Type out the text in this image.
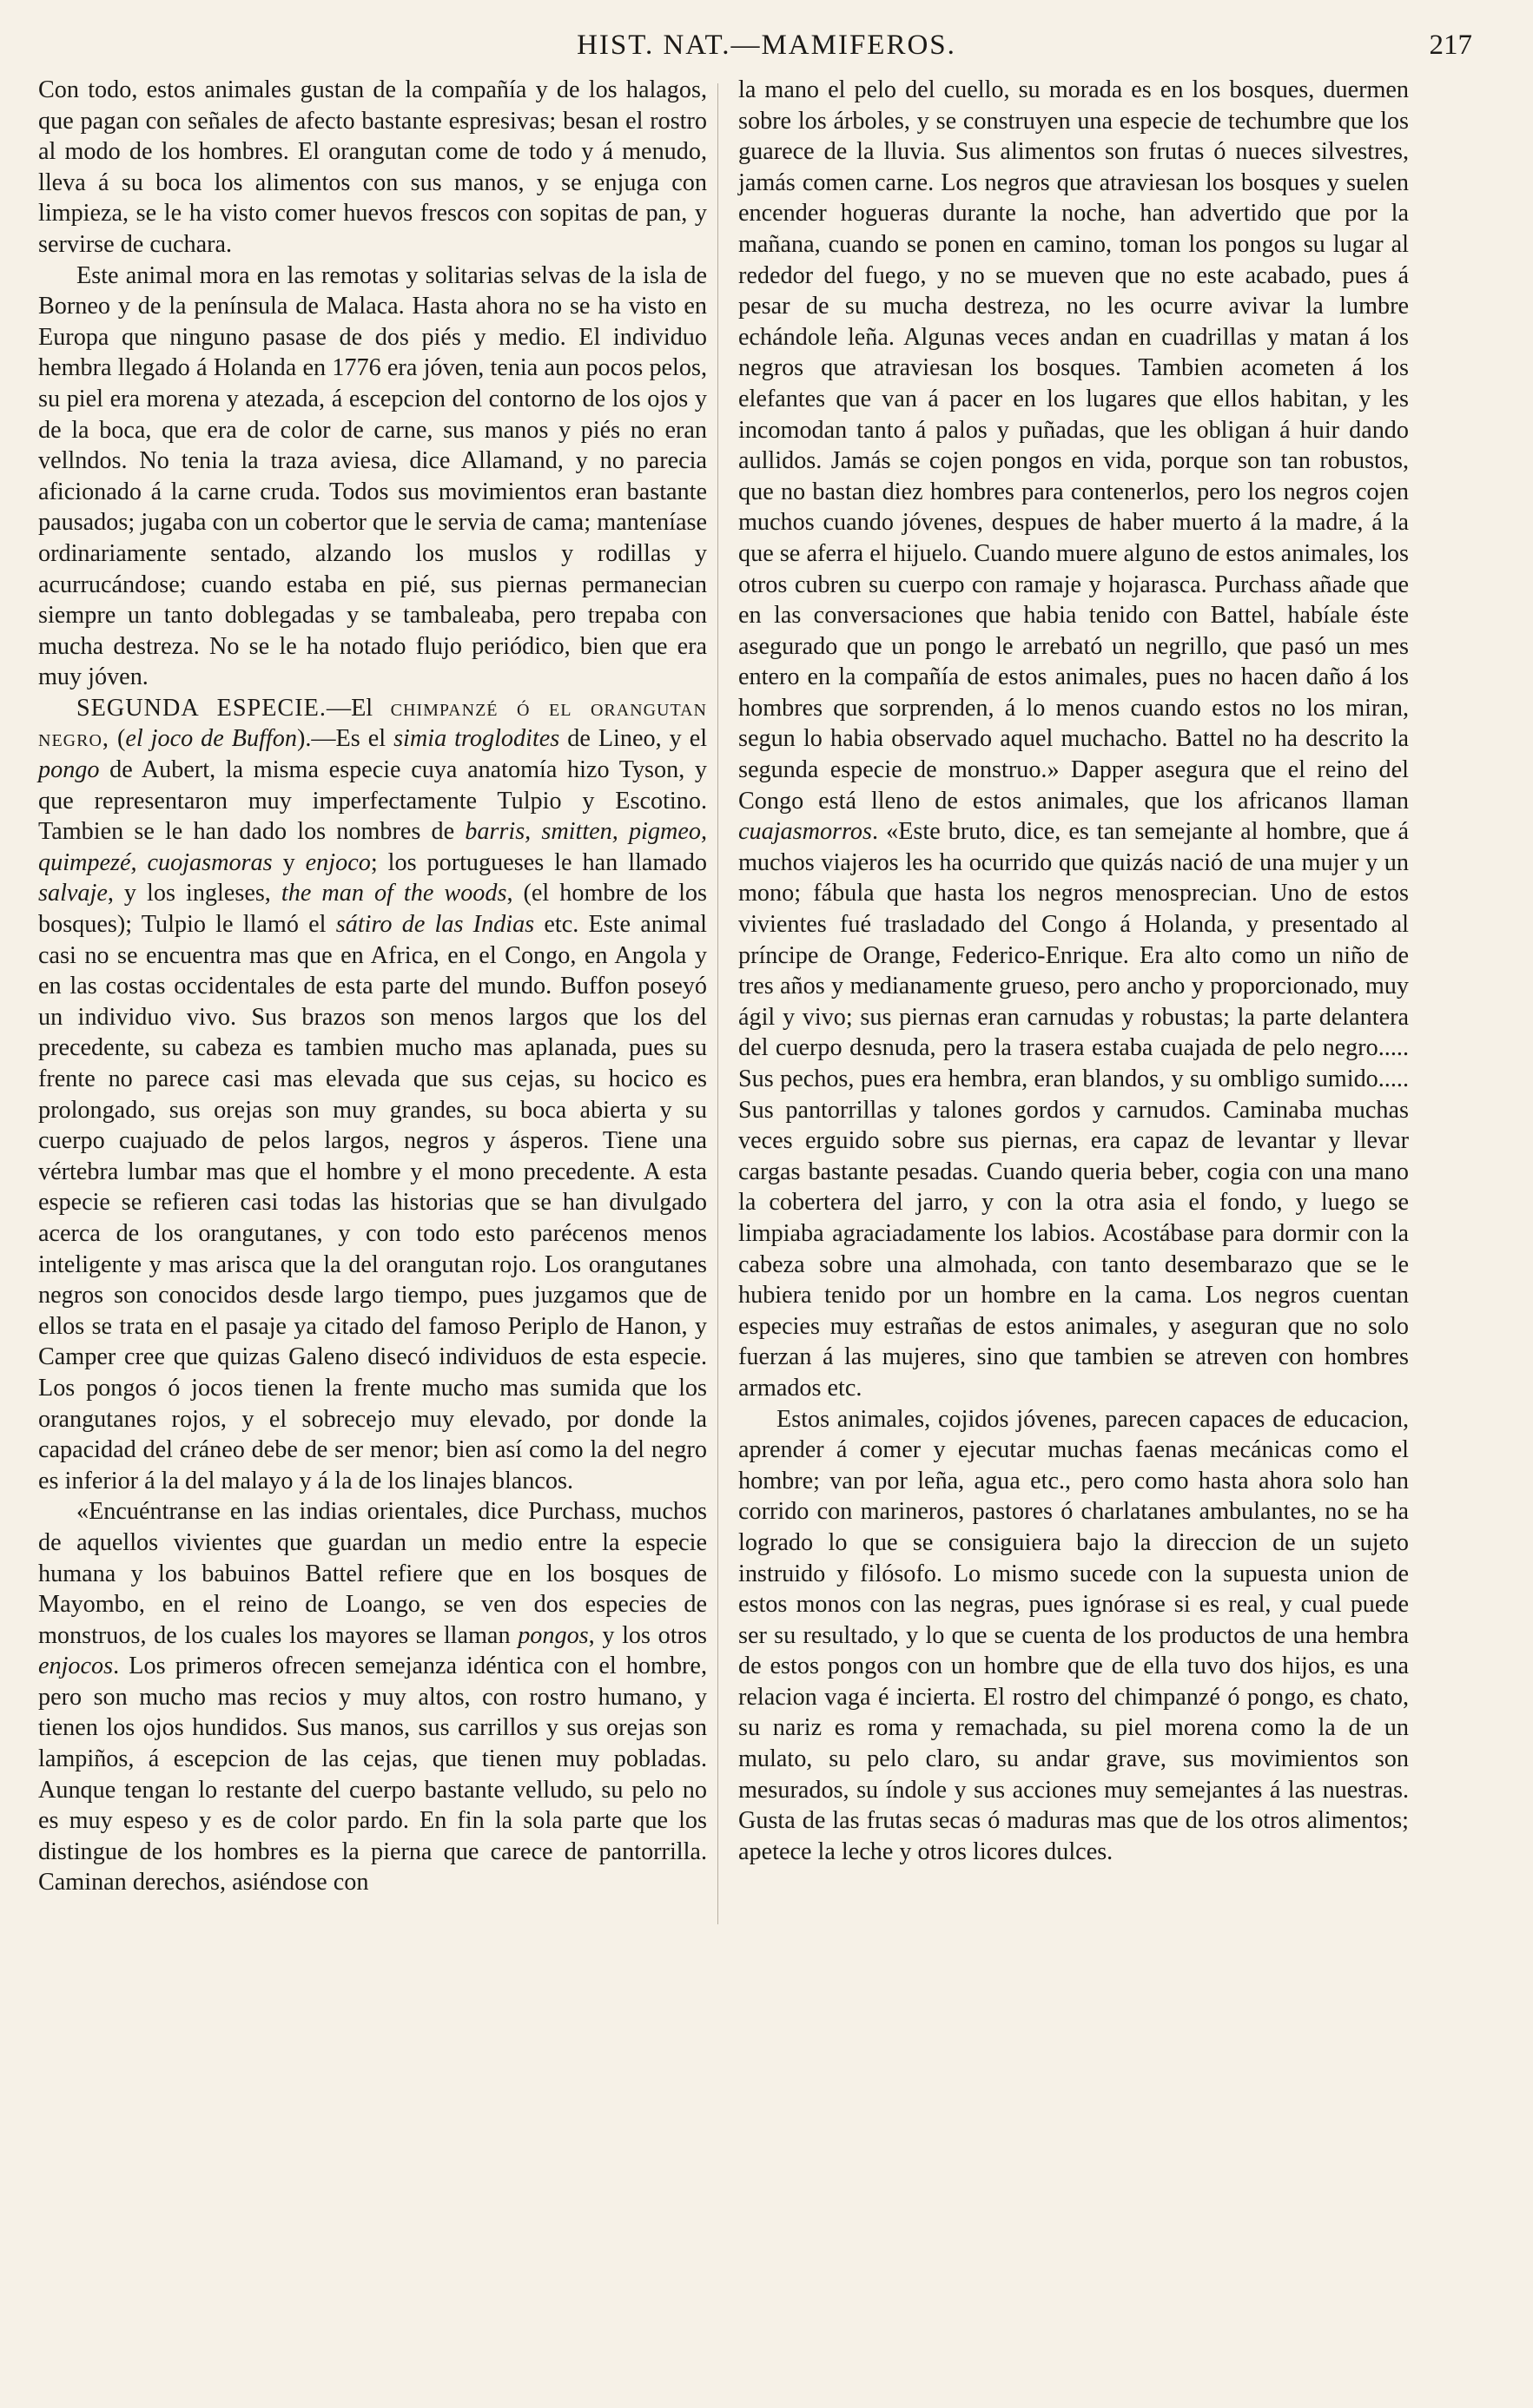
HIST. NAT.—MAMIFEROS.	217

Con todo, estos animales gustan de la compañía y de los halagos, que pagan con señales de afecto bastante espresivas; besan el rostro al modo de los hombres. El orangutan come de todo y á menudo, lleva á su boca los alimentos con sus manos, y se enjuga con limpieza, se le ha visto comer huevos frescos con sopitas de pan, y servirse de cuchara.

Este animal mora en las remotas y solitarias selvas de la isla de Borneo y de la península de Malaca. Hasta ahora no se ha visto en Europa que ninguno pasase de dos piés y medio. El individuo hembra llegado á Holanda en 1776 era jóven, tenia aun pocos pelos, su piel era morena y atezada, á escepcion del contorno de los ojos y de la boca, que era de color de carne, sus manos y piés no eran vellndos. No tenia la traza aviesa, dice Allamand, y no parecia aficionado á la carne cruda. Todos sus movimientos eran bastante pausados; jugaba con un cobertor que le servia de cama; manteníase ordinariamente sentado, alzando los muslos y rodillas y acurrucándose; cuando estaba en pié, sus piernas permanecian siempre un tanto doblegadas y se tambaleaba, pero trepaba con mucha destreza. No se le ha notado flujo periódico, bien que era muy jóven.

SEGUNDA ESPECIE.—El chimpanzé ó el orangutan negro, (el joco de Buffon).—Es el simia troglodites de Lineo, y el pongo de Aubert, la misma especie cuya anatomía hizo Tyson, y que representaron muy imperfectamente Tulpio y Escotino. Tambien se le han dado los nombres de barris, smitten, pigmeo, quimpezé, cuojasmoras y enjoco; los portugueses le han llamado salvaje, y los ingleses, the man of the woods, (el hombre de los bosques); Tulpio le llamó el sátiro de las Indias etc. Este animal casi no se encuentra mas que en Africa, en el Congo, en Angola y en las costas occidentales de esta parte del mundo. Buffon poseyó un individuo vivo. Sus brazos son menos largos que los del precedente, su cabeza es tambien mucho mas aplanada, pues su frente no parece casi mas elevada que sus cejas, su hocico es prolongado, sus orejas son muy grandes, su boca abierta y su cuerpo cuajuado de pelos largos, negros y ásperos. Tiene una vértebra lumbar mas que el hombre y el mono precedente. A esta especie se refieren casi todas las historias que se han divulgado acerca de los orangutanes, y con todo esto parécenos menos inteligente y mas arisca que la del orangutan rojo. Los orangutanes negros son conocidos desde largo tiempo, pues juzgamos que de ellos se trata en el pasaje ya citado del famoso Periplo de Hanon, y Camper cree que quizas Galeno disecó individuos de esta especie. Los pongos ó jocos tienen la frente mucho mas sumida que los orangutanes rojos, y el sobrecejo muy elevado, por donde la capacidad del cráneo debe de ser menor; bien así como la del negro es inferior á la del malayo y á la de los linajes blancos.

«Encuéntranse en las indias orientales, dice Purchass, muchos de aquellos vivientes que guardan un medio entre la especie humana y los babuinos Battel refiere que en los bosques de Mayombo, en el reino de Loango, se ven dos especies de monstruos, de los cuales los mayores se llaman pongos, y los otros enjocos. Los primeros ofrecen semejanza idéntica con el hombre, pero son mucho mas recios y muy altos, con rostro humano, y tienen los ojos hundidos. Sus manos, sus carrillos y sus orejas son lampiños, á escepcion de las cejas, que tienen muy pobladas. Aunque tengan lo restante del cuerpo bastante velludo, su pelo no es muy espeso y es de color pardo. En fin la sola parte que los distingue de los hombres es la pierna que carece de pantorrilla. Caminan derechos, asiéndose con

la mano el pelo del cuello, su morada es en los bosques, duermen sobre los árboles, y se construyen una especie de techumbre que los guarece de la lluvia. Sus alimentos son frutas ó nueces silvestres, jamás comen carne. Los negros que atraviesan los bosques y suelen encender hogueras durante la noche, han advertido que por la mañana, cuando se ponen en camino, toman los pongos su lugar al rededor del fuego, y no se mueven que no este acabado, pues á pesar de su mucha destreza, no les ocurre avivar la lumbre echándole leña. Algunas veces andan en cuadrillas y matan á los negros que atraviesan los bosques. Tambien acometen á los elefantes que van á pacer en los lugares que ellos habitan, y les incomodan tanto á palos y puñadas, que les obligan á huir dando aullidos. Jamás se cojen pongos en vida, porque son tan robustos, que no bastan diez hombres para contenerlos, pero los negros cojen muchos cuando jóvenes, despues de haber muerto á la madre, á la que se aferra el hijuelo. Cuando muere alguno de estos animales, los otros cubren su cuerpo con ramaje y hojarasca. Purchass añade que en las conversaciones que habia tenido con Battel, habíale éste asegurado que un pongo le arrebató un negrillo, que pasó un mes entero en la compañía de estos animales, pues no hacen daño á los hombres que sorprenden, á lo menos cuando estos no los miran, segun lo habia observado aquel muchacho. Battel no ha descrito la segunda especie de monstruo.» Dapper asegura que el reino del Congo está lleno de estos animales, que los africanos llaman cuajasmorros. «Este bruto, dice, es tan semejante al hombre, que á muchos viajeros les ha ocurrido que quizás nació de una mujer y un mono; fábula que hasta los negros menosprecian. Uno de estos vivientes fué trasladado del Congo á Holanda, y presentado al príncipe de Orange, Federico-Enrique. Era alto como un niño de tres años y medianamente grueso, pero ancho y proporcionado, muy ágil y vivo; sus piernas eran carnudas y robustas; la parte delantera del cuerpo desnuda, pero la trasera estaba cuajada de pelo negro..... Sus pechos, pues era hembra, eran blandos, y su ombligo sumido..... Sus pantorrillas y talones gordos y carnudos. Caminaba muchas veces erguido sobre sus piernas, era capaz de levantar y llevar cargas bastante pesadas. Cuando queria beber, cogia con una mano la cobertera del jarro, y con la otra asia el fondo, y luego se limpiaba agraciadamente los labios. Acostábase para dormir con la cabeza sobre una almohada, con tanto desembarazo que se le hubiera tenido por un hombre en la cama. Los negros cuentan especies muy estrañas de estos animales, y aseguran que no solo fuerzan á las mujeres, sino que tambien se atreven con hombres armados etc.

Estos animales, cojidos jóvenes, parecen capaces de educacion, aprender á comer y ejecutar muchas faenas mecánicas como el hombre; van por leña, agua etc., pero como hasta ahora solo han corrido con marineros, pastores ó charlatanes ambulantes, no se ha logrado lo que se consiguiera bajo la direccion de un sujeto instruido y filósofo. Lo mismo sucede con la supuesta union de estos monos con las negras, pues ignórase si es real, y cual puede ser su resultado, y lo que se cuenta de los productos de una hembra de estos pongos con un hombre que de ella tuvo dos hijos, es una relacion vaga é incierta. El rostro del chimpanzé ó pongo, es chato, su nariz es roma y remachada, su piel morena como la de un mulato, su pelo claro, su andar grave, sus movimientos son mesurados, su índole y sus acciones muy semejantes á las nuestras. Gusta de las frutas secas ó maduras mas que de los otros alimentos; apetece la leche y otros licores dulces.
